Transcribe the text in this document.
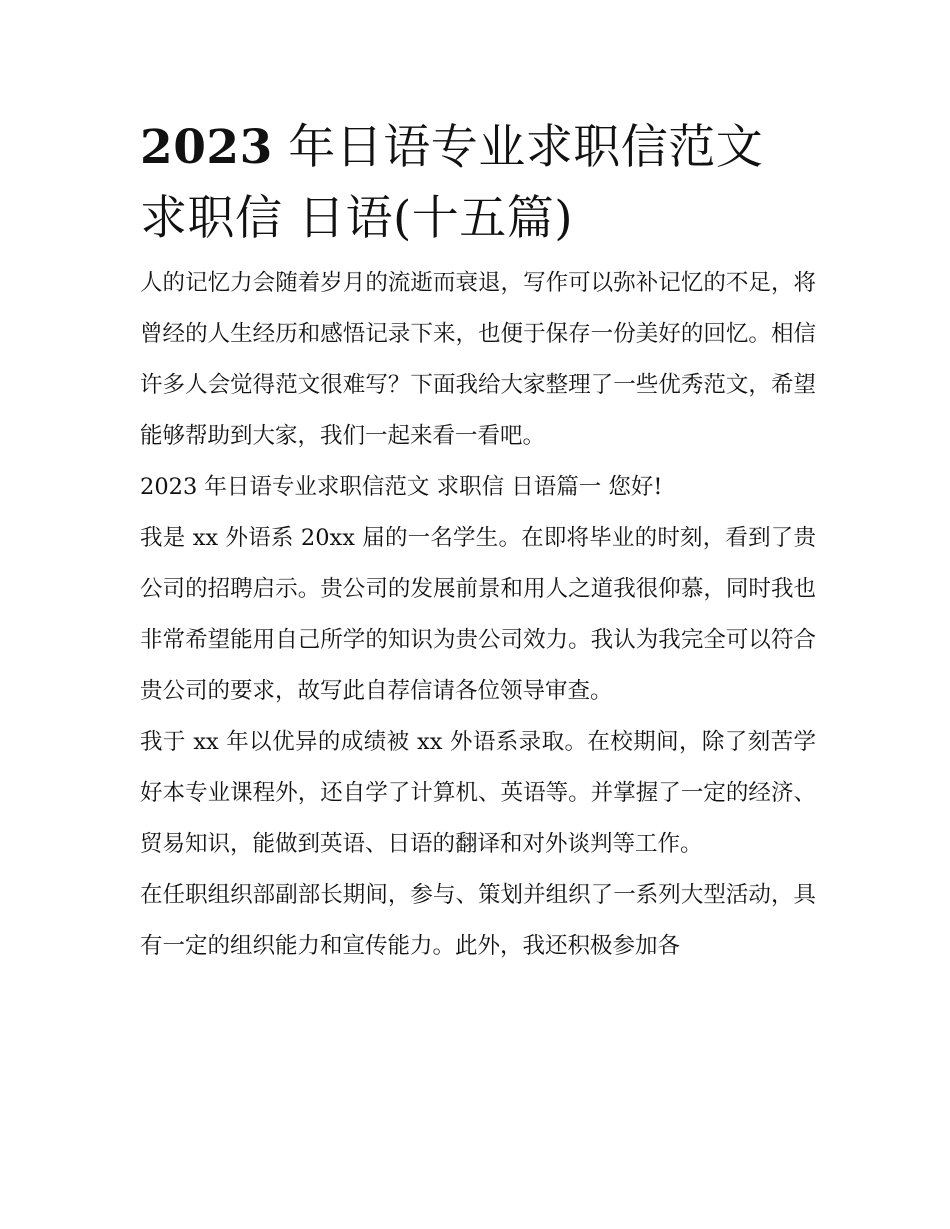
2023 年日语专业求职信范文
求职信 日语(十五篇)

人的记忆力会随着岁月的流逝而衰退，写作可以弥补记忆的不足，将曾经的人生经历和感悟记录下来，也便于保存一份美好的回忆。相信许多人会觉得范文很难写？下面我给大家整理了一些优秀范文，希望能够帮助到大家，我们一起来看一看吧。

2023 年日语专业求职信范文 求职信 日语篇一 您好!

我是 xx 外语系 20xx 届的一名学生。在即将毕业的时刻，看到了贵公司的招聘启示。贵公司的发展前景和用人之道我很仰慕，同时我也非常希望能用自己所学的知识为贵公司效力。我认为我完全可以符合贵公司的要求，故写此自荐信请各位领导审查。

我于 xx 年以优异的成绩被 xx 外语系录取。在校期间，除了刻苦学好本专业课程外，还自学了计算机、英语等。并掌握了一定的经济、贸易知识，能做到英语、日语的翻译和对外谈判等工作。

在任职组织部副部长期间，参与、策划并组织了一系列大型活动，具有一定的组织能力和宣传能力。此外，我还积极参加各
